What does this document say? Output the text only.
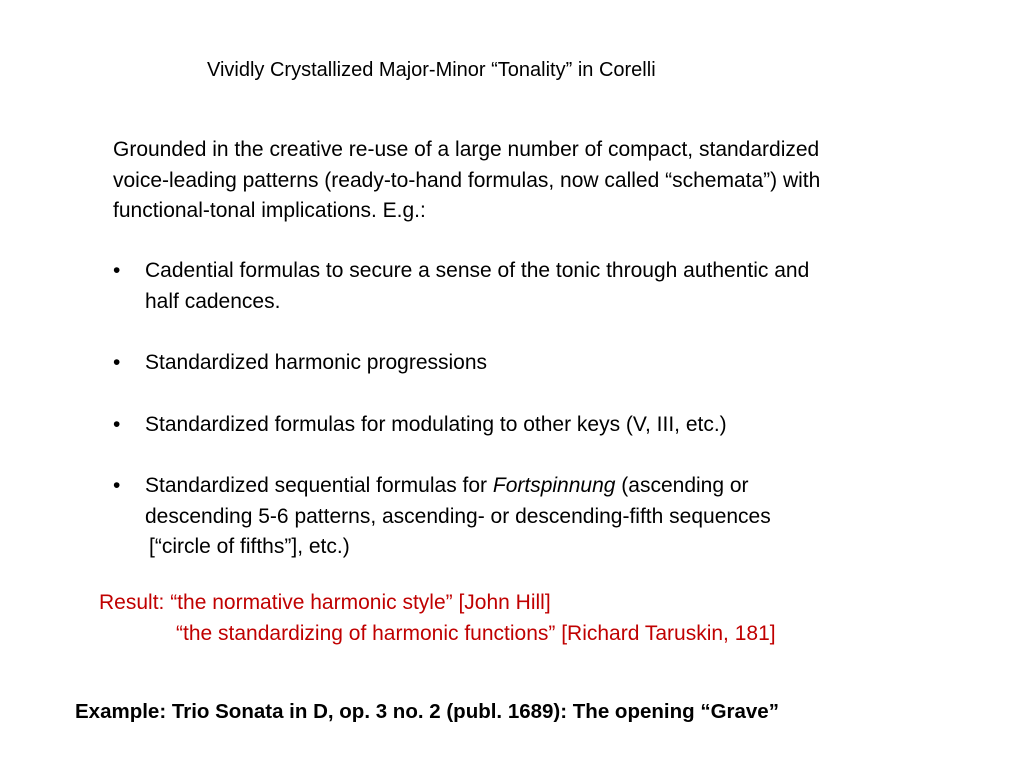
Vividly Crystallized Major-Minor “Tonality” in Corelli
Grounded in the creative re-use of a large number of compact, standardized
voice-leading patterns (ready-to-hand formulas, now called “schemata”) with
functional-tonal implications. E.g.:
•	Cadential formulas to secure a sense of the tonic through authentic and
half cadences.
•	Standardized harmonic progressions
•	Standardized formulas for modulating to other keys (V, III, etc.)
•	Standardized sequential formulas for Fortspinnung (ascending or
descending 5-6 patterns, ascending- or descending-fifth sequences
[“circle of fifths”], etc.)
Result: “the normative harmonic style” [John Hill]
“the standardizing of harmonic functions” [Richard Taruskin, 181]
Example: Trio Sonata in D, op. 3 no. 2 (publ. 1689): The opening “Grave”
